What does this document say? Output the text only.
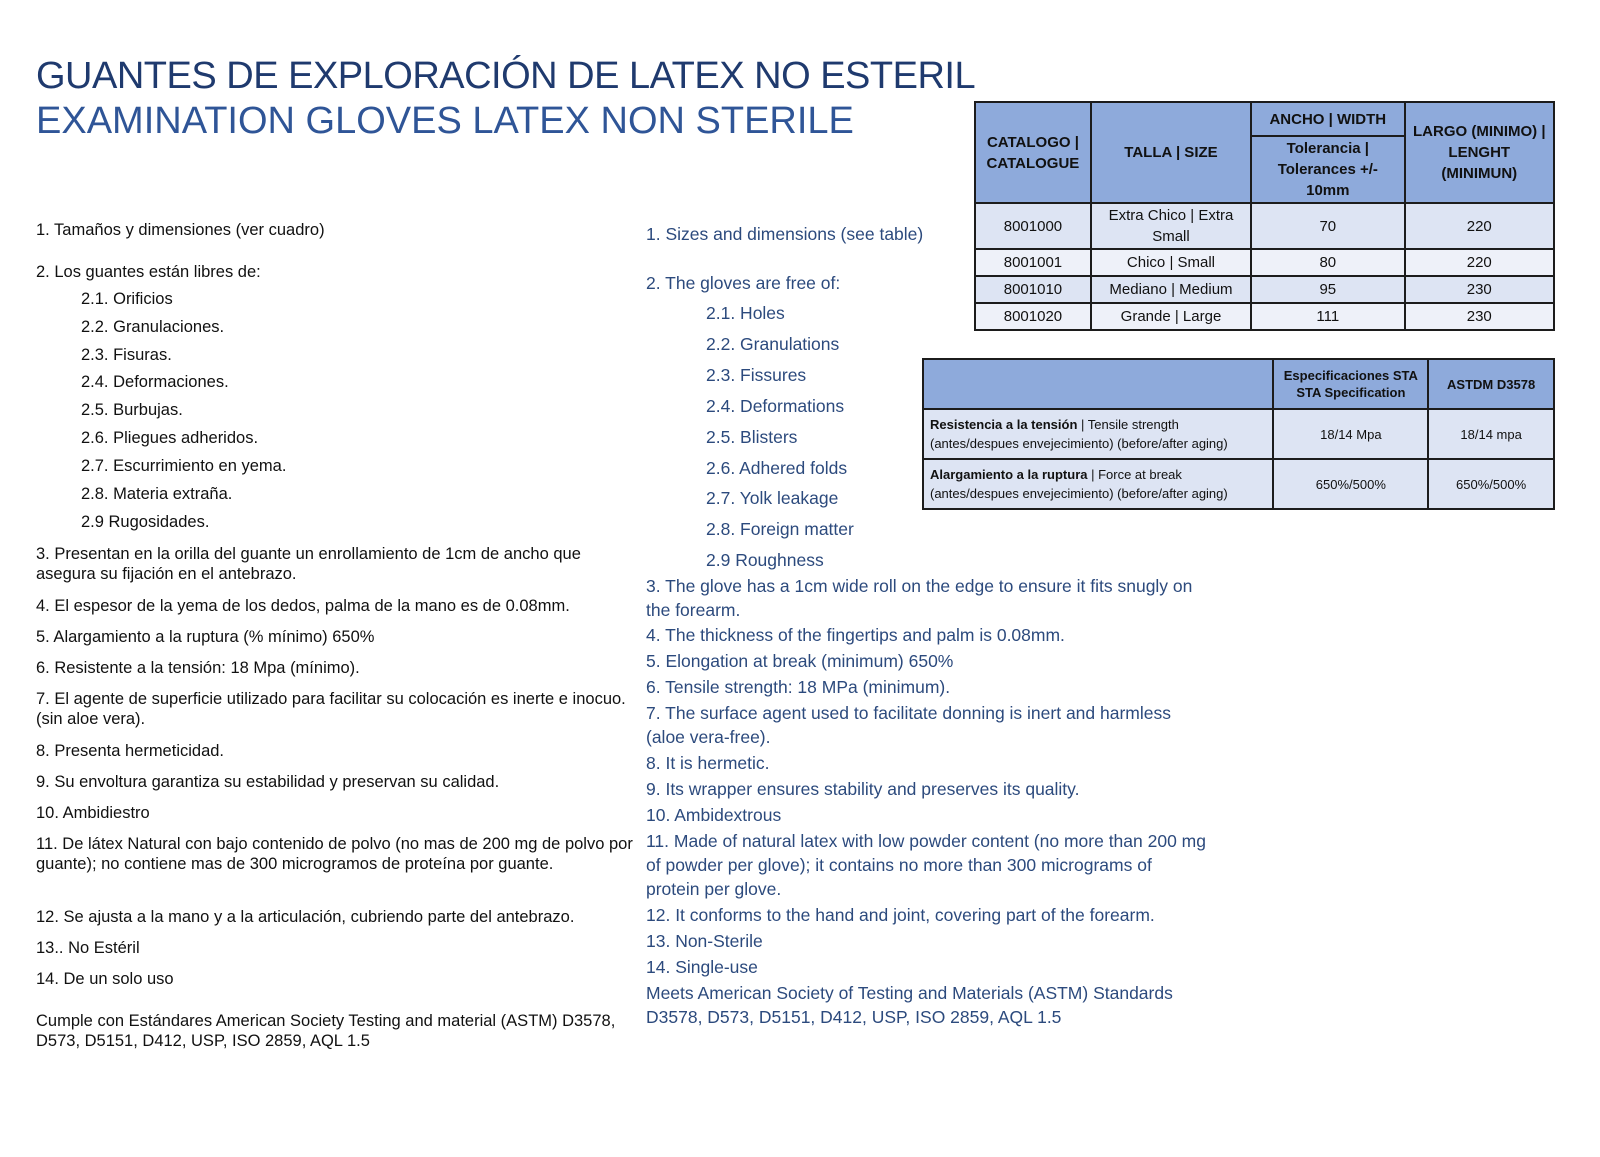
GUANTES DE EXPLORACIÓN DE LATEX NO ESTERIL
EXAMINATION GLOVES LATEX NON STERILE
1. Tamaños y dimensiones (ver cuadro)
2. Los guantes están libres de:
2.1. Orificios
2.2. Granulaciones.
2.3. Fisuras.
2.4. Deformaciones.
2.5. Burbujas.
2.6. Pliegues adheridos.
2.7. Escurrimiento en yema.
2.8. Materia extraña.
2.9 Rugosidades.
3. Presentan en la orilla del guante un enrollamiento de 1cm de ancho que asegura su fijación en el antebrazo.
4. El espesor de la yema de los dedos, palma de la mano es de 0.08mm.
5. Alargamiento a la ruptura (% mínimo) 650%
6. Resistente a la tensión: 18 Mpa (mínimo).
7. El agente de superficie utilizado para facilitar su colocación es inerte e inocuo.(sin aloe vera).
8. Presenta hermeticidad.
9. Su envoltura garantiza su estabilidad y preservan su calidad.
10. Ambidiestro
11. De látex Natural con bajo contenido de polvo (no mas de 200 mg de polvo por guante); no contiene mas de 300 microgramos de proteína por guante.
12. Se ajusta a la mano y a la articulación, cubriendo parte del antebrazo.
13.. No Estéril
14. De un solo uso
Cumple con Estándares American Society Testing and material (ASTM) D3578, D573, D5151, D412, USP, ISO 2859, AQL 1.5
1. Sizes and dimensions (see table)
2. The gloves are free of:
2.1. Holes
2.2. Granulations
2.3. Fissures
2.4. Deformations
2.5. Blisters
2.6. Adhered folds
2.7. Yolk leakage
2.8. Foreign matter
2.9 Roughness
3. The glove has a 1cm wide roll on the edge to ensure it fits snugly on the forearm.
4. The thickness of the fingertips and palm is 0.08mm.
5. Elongation at break (minimum) 650%
6. Tensile strength: 18 MPa (minimum).
7. The surface agent used to facilitate donning is inert and harmless (aloe vera-free).
8. It is hermetic.
9. Its wrapper ensures stability and preserves its quality.
10. Ambidextrous
11. Made of natural latex with low powder content (no more than 200 mg of powder per glove); it contains no more than 300 micrograms of protein per glove.
12. It conforms to the hand and joint, covering part of the forearm.
13. Non-Sterile
14. Single-use
Meets American Society of Testing and Materials (ASTM) Standards D3578, D573, D5151, D412, USP, ISO 2859, AQL 1.5
CATALOGO | CATALOGUE	TALLA | SIZE	ANCHO | WIDTH	LARGO (MINIMO) | LENGHT (MINIMUN)
		Tolerancia | Tolerances +/- 10mm	
8001000	Extra Chico | Extra Small	70	220
8001001	Chico | Small	80	220
8001010	Mediano | Medium	95	230
8001020	Grande | Large	111	230
	Especificaciones STA STA Specification	ASTDM D3578
Resistencia a la tensión | Tensile strength
(antes/despues envejecimiento) (before/after aging)	18/14 Mpa	18/14 mpa
Alargamiento a la ruptura | Force at break
(antes/despues envejecimiento) (before/after aging)	650%/500%	650%/500%
